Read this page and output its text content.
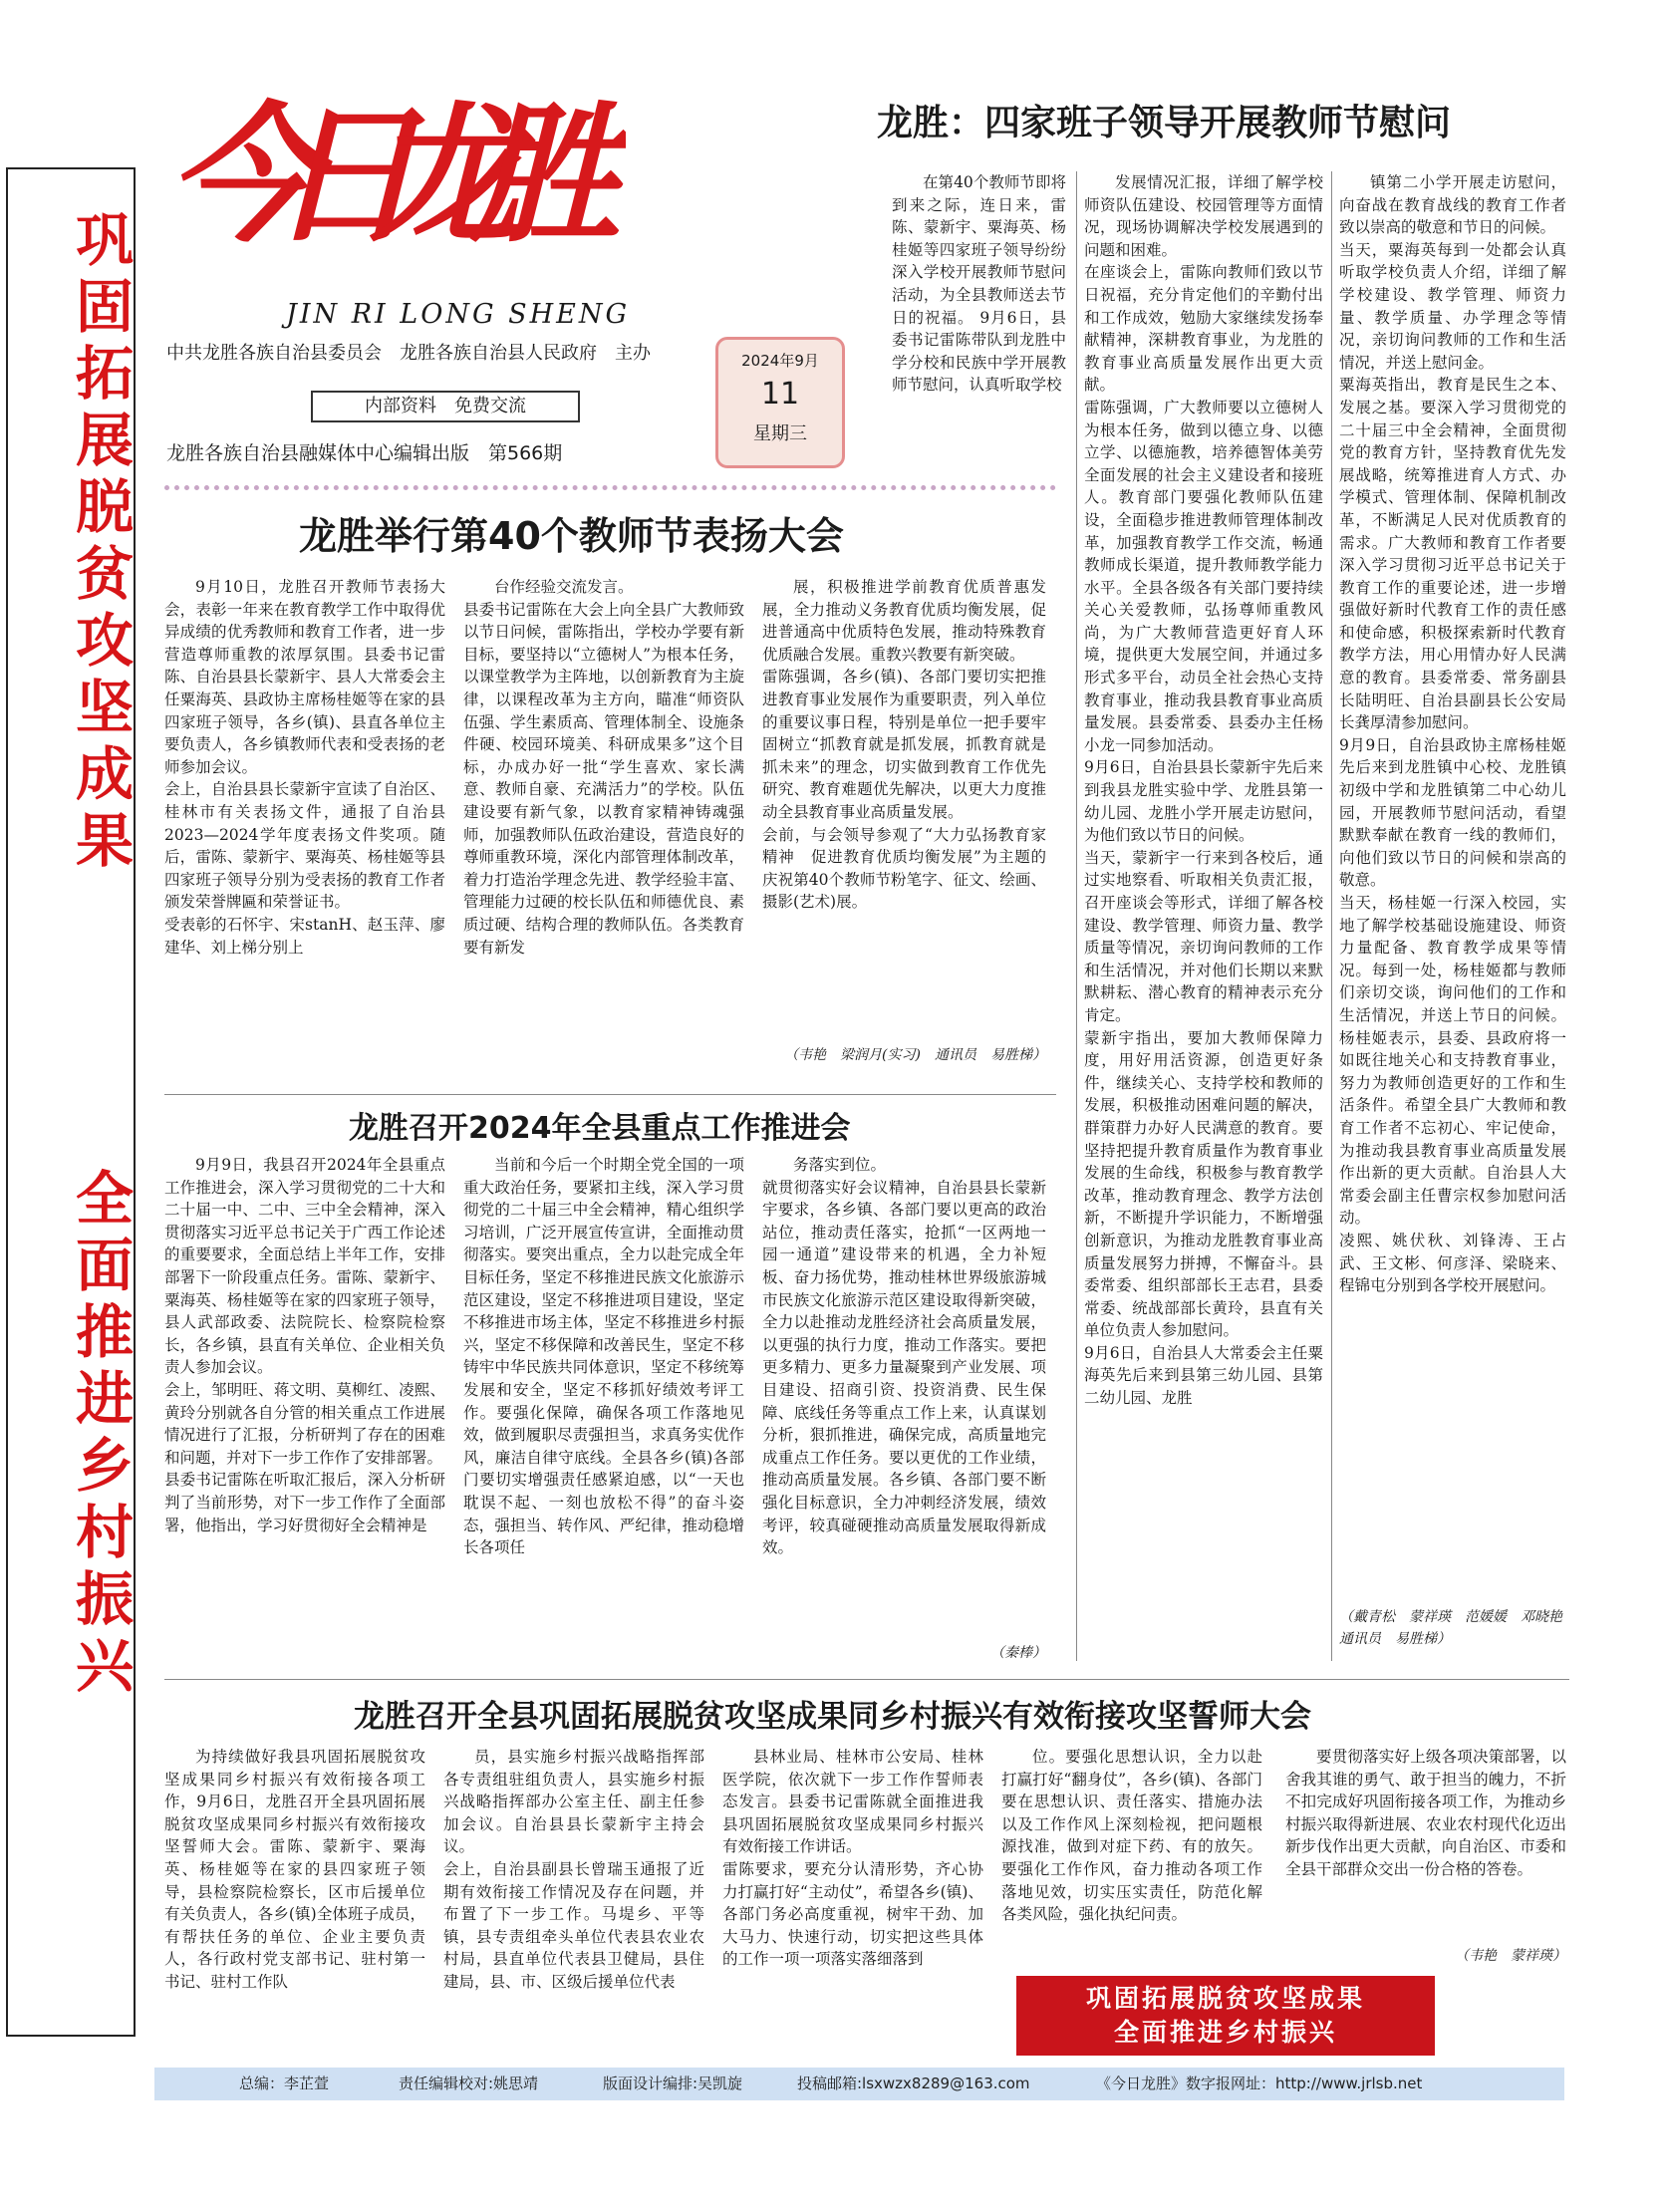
巩
固
拓
展
脱
贫
攻
坚
成
果
全
面
推
进
乡
村
振
兴
今日龙胜
JIN RI LONG SHENG
中共龙胜各族自治县委员会　龙胜各族自治县人民政府　主办
内部资料　免费交流
龙胜各族自治县融媒体中心编辑出版　第566期
2024年9月
11
星期三
龙胜：四家班子领导开展教师节慰问

在第40个教师节即将到来之际，连日来，雷陈、蒙新宇、粟海英、杨桂姬等四家班子领导纷纷深入学校开展教师节慰问活动，为全县教师送去节日的祝福。 9月6日，县委书记雷陈带队到龙胜中学分校和民族中学开展教师节慰问，认真听取学校

发展情况汇报，详细了解学校师资队伍建设、校园管理等方面情况，现场协调解决学校发展遇到的问题和困难。
在座谈会上，雷陈向教师们致以节日祝福，充分肯定他们的辛勤付出和工作成效，勉励大家继续发扬奉献精神，深耕教育事业，为龙胜的教育事业高质量发展作出更大贡献。
雷陈强调，广大教师要以立德树人为根本任务，做到以德立身、以德立学、以德施教，培养德智体美劳全面发展的社会主义建设者和接班人。教育部门要强化教师队伍建设，全面稳步推进教师管理体制改革，加强教育教学工作交流，畅通教师成长渠道，提升教师教学能力水平。全县各级各有关部门要持续关心关爱教师，弘扬尊师重教风尚，为广大教师营造更好育人环境，提供更大发展空间，并通过多形式多平台，动员全社会热心支持教育事业，推动我县教育事业高质量发展。县委常委、县委办主任杨小龙一同参加活动。
9月6日，自治县县长蒙新宇先后来到我县龙胜实验中学、龙胜县第一幼儿园、龙胜小学开展走访慰问，为他们致以节日的问候。
当天，蒙新宇一行来到各校后，通过实地察看、听取相关负责汇报，召开座谈会等形式，详细了解各校建设、教学管理、师资力量、教学质量等情况，亲切询问教师的工作和生活情况，并对他们长期以来默默耕耘、潜心教育的精神表示充分肯定。
蒙新宇指出，要加大教师保障力度，用好用活资源，创造更好条件，继续关心、支持学校和教师的发展，积极推动困难问题的解决，群策群力办好人民满意的教育。要坚持把提升教育质量作为教育事业发展的生命线，积极参与教育教学改革，推动教育理念、教学方法创新，不断提升学识能力，不断增强创新意识，为推动龙胜教育事业高质量发展努力拼搏，不懈奋斗。县委常委、组织部部长王志君，县委常委、统战部部长黄玲，县直有关单位负责人参加慰问。
9月6日，自治县人大常委会主任粟海英先后来到县第三幼儿园、县第二幼儿园、龙胜

镇第二小学开展走访慰问，向奋战在教育战线的教育工作者致以崇高的敬意和节日的问候。
当天，粟海英每到一处都会认真听取学校负责人介绍，详细了解学校建设、教学管理、师资力量、教学质量、办学理念等情况，亲切询问教师的工作和生活情况，并送上慰问金。
粟海英指出，教育是民生之本、发展之基。要深入学习贯彻党的二十届三中全会精神，全面贯彻党的教育方针，坚持教育优先发展战略，统筹推进育人方式、办学模式、管理体制、保障机制改革，不断满足人民对优质教育的需求。广大教师和教育工作者要深入学习贯彻习近平总书记关于教育工作的重要论述，进一步增强做好新时代教育工作的责任感和使命感，积极探索新时代教育教学方法，用心用情办好人民满意的教育。县委常委、常务副县长陆明旺、自治县副县长公安局长龚厚清参加慰问。
9月9日，自治县政协主席杨桂姬先后来到龙胜镇中心校、龙胜镇初级中学和龙胜镇第二中心幼儿园，开展教师节慰问活动，看望默默奉献在教育一线的教师们，向他们致以节日的问候和崇高的敬意。
当天，杨桂姬一行深入校园，实地了解学校基础设施建设、师资力量配备、教育教学成果等情况。每到一处，杨桂姬都与教师们亲切交谈，询问他们的工作和生活情况，并送上节日的问候。杨桂姬表示，县委、县政府将一如既往地关心和支持教育事业，努力为教师创造更好的工作和生活条件。希望全县广大教师和教育工作者不忘初心、牢记使命，为推动我县教育事业高质量发展作出新的更大贡献。自治县人大常委会副主任曹宗权参加慰问活动。
凌熙、姚伏秋、刘锋涛、王占武、王文彬、何彦泽、梁晓来、程锦屯分别到各学校开展慰问。

（戴青松　蒙祥瑛　范媛媛　邓晓艳　通讯员　易胜梯）
龙胜举行第40个教师节表扬大会

9月10日，龙胜召开教师节表扬大会，表彰一年来在教育教学工作中取得优异成绩的优秀教师和教育工作者，进一步营造尊师重教的浓厚氛围。县委书记雷陈、自治县县长蒙新宇、县人大常委会主任粟海英、县政协主席杨桂姬等在家的县四家班子领导，各乡(镇)、县直各单位主要负责人，各乡镇教师代表和受表扬的老师参加会议。
会上，自治县县长蒙新宇宣读了自治区、桂林市有关表扬文件，通报了自治县2023—2024学年度表扬文件奖项。随后，雷陈、蒙新宇、粟海英、杨桂姬等县四家班子领导分别为受表扬的教育工作者颁发荣誉牌匾和荣誉证书。
受表彰的石怀宇、宋stanH、赵玉萍、廖建华、刘上梯分别上

台作经验交流发言。
县委书记雷陈在大会上向全县广大教师致以节日问候，雷陈指出，学校办学要有新目标，要坚持以“立德树人”为根本任务，以课堂教学为主阵地，以创新教育为主旋律，以课程改革为主方向，瞄准“师资队伍强、学生素质高、管理体制全、设施条件硬、校园环境美、科研成果多”这个目标，办成办好一批“学生喜欢、家长满意、教师自豪、充满活力”的学校。队伍建设要有新气象，以教育家精神铸魂强师，加强教师队伍政治建设，营造良好的尊师重教环境，深化内部管理体制改革，着力打造治学理念先进、教学经验丰富、管理能力过硬的校长队伍和师德优良、素质过硬、结构合理的教师队伍。各类教育要有新发

展，积极推进学前教育优质普惠发展，全力推动义务教育优质均衡发展，促进普通高中优质特色发展，推动特殊教育优质融合发展。重教兴教要有新突破。
雷陈强调，各乡(镇)、各部门要切实把推进教育事业发展作为重要职责，列入单位的重要议事日程，特别是单位一把手要牢固树立“抓教育就是抓发展，抓教育就是抓未来”的理念，切实做到教育工作优先研究、教育难题优先解决，以更大力度推动全县教育事业高质量发展。
会前，与会领导参观了“大力弘扬教育家精神　促进教育优质均衡发展”为主题的庆祝第40个教师节粉笔字、征文、绘画、摄影(艺术)展。

（韦艳　梁润月(实习)　通讯员　易胜梯）
龙胜召开2024年全县重点工作推进会

9月9日，我县召开2024年全县重点工作推进会，深入学习贯彻党的二十大和二十届一中、二中、三中全会精神，深入贯彻落实习近平总书记关于广西工作论述的重要要求，全面总结上半年工作，安排部署下一阶段重点任务。雷陈、蒙新宇、粟海英、杨桂姬等在家的四家班子领导，县人武部政委、法院院长、检察院检察长，各乡镇，县直有关单位、企业相关负责人参加会议。
会上，邹明旺、蒋文明、莫柳红、凌熙、黄玲分别就各自分管的相关重点工作进展情况进行了汇报，分析研判了存在的困难和问题，并对下一步工作作了安排部署。
县委书记雷陈在听取汇报后，深入分析研判了当前形势，对下一步工作作了全面部署，他指出，学习好贯彻好全会精神是

当前和今后一个时期全党全国的一项重大政治任务，要紧扣主线，深入学习贯彻党的二十届三中全会精神，精心组织学习培训，广泛开展宣传宣讲，全面推动贯彻落实。要突出重点，全力以赴完成全年目标任务，坚定不移推进民族文化旅游示范区建设，坚定不移推进项目建设，坚定不移推进市场主体，坚定不移推进乡村振兴，坚定不移保障和改善民生，坚定不移铸牢中华民族共同体意识，坚定不移统筹发展和安全，坚定不移抓好绩效考评工作。要强化保障，确保各项工作落地见效，做到履职尽责强担当，求真务实优作风，廉洁自律守底线。全县各乡(镇)各部门要切实增强责任感紧迫感，以“一天也耽误不起、一刻也放松不得”的奋斗姿态，强担当、转作风、严纪律，推动稳增长各项任

务落实到位。
就贯彻落实好会议精神，自治县县长蒙新宇要求，各乡镇、各部门要以更高的政治站位，推动责任落实，抢抓“一区两地一园一通道”建设带来的机遇，全力补短板、奋力扬优势，推动桂林世界级旅游城市民族文化旅游示范区建设取得新突破，全力以赴推动龙胜经济社会高质量发展，以更强的执行力度，推动工作落实。要把更多精力、更多力量凝聚到产业发展、项目建设、招商引资、投资消费、民生保障、底线任务等重点工作上来，认真谋划分析，狠抓推进，确保完成，高质量地完成重点工作任务。要以更优的工作业绩，推动高质量发展。各乡镇、各部门要不断强化目标意识，全力冲刺经济发展，绩效考评，较真碰硬推动高质量发展取得新成效。

（秦棒）
龙胜召开全县巩固拓展脱贫攻坚成果同乡村振兴有效衔接攻坚誓师大会

为持续做好我县巩固拓展脱贫攻坚成果同乡村振兴有效衔接各项工作，9月6日，龙胜召开全县巩固拓展脱贫攻坚成果同乡村振兴有效衔接攻坚誓师大会。雷陈、蒙新宇、粟海英、杨桂姬等在家的县四家班子领导，县检察院检察长，区市后援单位有关负责人，各乡(镇)全体班子成员，有帮扶任务的单位、企业主要负责人，各行政村党支部书记、驻村第一书记、驻村工作队

员，县实施乡村振兴战略指挥部各专责组驻组负责人，县实施乡村振兴战略指挥部办公室主任、副主任参加会议。自治县县长蒙新宇主持会议。
会上，自治县副县长曾瑞玉通报了近期有效衔接工作情况及存在问题，并布置了下一步工作。马堤乡、平等镇，县专责组牵头单位代表县农业农村局，县直单位代表县卫健局，县住建局，县、市、区级后援单位代表

县林业局、桂林市公安局、桂林医学院，依次就下一步工作作誓师表态发言。县委书记雷陈就全面推进我县巩固拓展脱贫攻坚成果同乡村振兴有效衔接工作讲话。
雷陈要求，要充分认清形势，齐心协力打赢打好“主动仗”，希望各乡(镇)、各部门务必高度重视，树牢干劲、加大马力、快速行动，切实把这些具体的工作一项一项落实落细落到

位。要强化思想认识，全力以赴打赢打好“翻身仗”，各乡(镇)、各部门要在思想认识、责任落实、措施办法以及工作作风上深刻检视，把问题根源找准，做到对症下药、有的放矢。要强化工作作风，奋力推动各项工作落地见效，切实压实责任，防范化解各类风险，强化执纪问责。

要贯彻落实好上级各项决策部署，以舍我其谁的勇气、敢于担当的魄力，不折不扣完成好巩固衔接各项工作，为推动乡村振兴取得新进展、农业农村现代化迈出新步伐作出更大贡献，向自治区、市委和全县干部群众交出一份合格的答卷。

（韦艳　蒙祥瑛）
巩固拓展脱贫攻坚成果
全面推进乡村振兴
总编：李芷萱	责任编辑校对:姚思靖	版面设计编排:吴凯旋	投稿邮箱:lsxwzx8289@163.com	《今日龙胜》数字报网址：http://www.jrlsb.net
